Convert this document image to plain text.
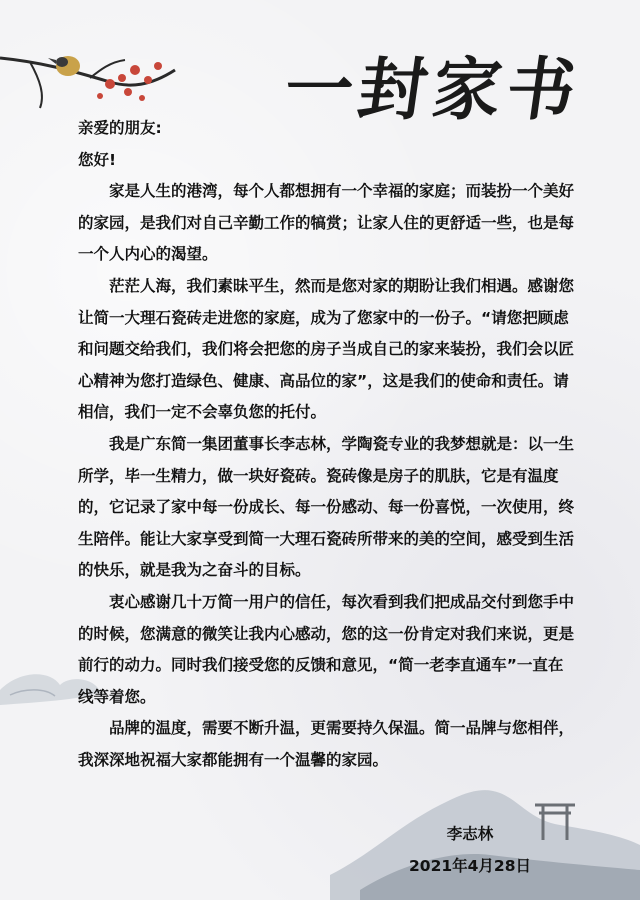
一封家书

亲爱的朋友:

您好!

家是人生的港湾，每个人都想拥有一个幸福的家庭；而装扮一个美好的家园，是我们对自己辛勤工作的犒赏；让家人住的更舒适一些，也是每一个人内心的渴望。

茫茫人海，我们素昧平生，然而是您对家的期盼让我们相遇。感谢您让简一大理石瓷砖走进您的家庭，成为了您家中的一份子。“请您把顾虑和问题交给我们，我们将会把您的房子当成自己的家来装扮，我们会以匠心精神为您打造绿色、健康、高品位的家”，这是我们的使命和责任。请相信，我们一定不会辜负您的托付。

我是广东简一集团董事长李志林，学陶瓷专业的我梦想就是：以一生所学，毕一生精力，做一块好瓷砖。瓷砖像是房子的肌肤，它是有温度的，它记录了家中每一份成长、每一份感动、每一份喜悦，一次使用，终生陪伴。能让大家享受到简一大理石瓷砖所带来的美的空间，感受到生活的快乐，就是我为之奋斗的目标。

衷心感谢几十万简一用户的信任，每次看到我们把成品交付到您手中的时候，您满意的微笑让我内心感动，您的这一份肯定对我们来说，更是前行的动力。同时我们接受您的反馈和意见，“简一老李直通车”一直在线等着您。

品牌的温度，需要不断升温，更需要持久保温。简一品牌与您相伴，我深深地祝福大家都能拥有一个温馨的家园。

李志林
2021年4月28日
